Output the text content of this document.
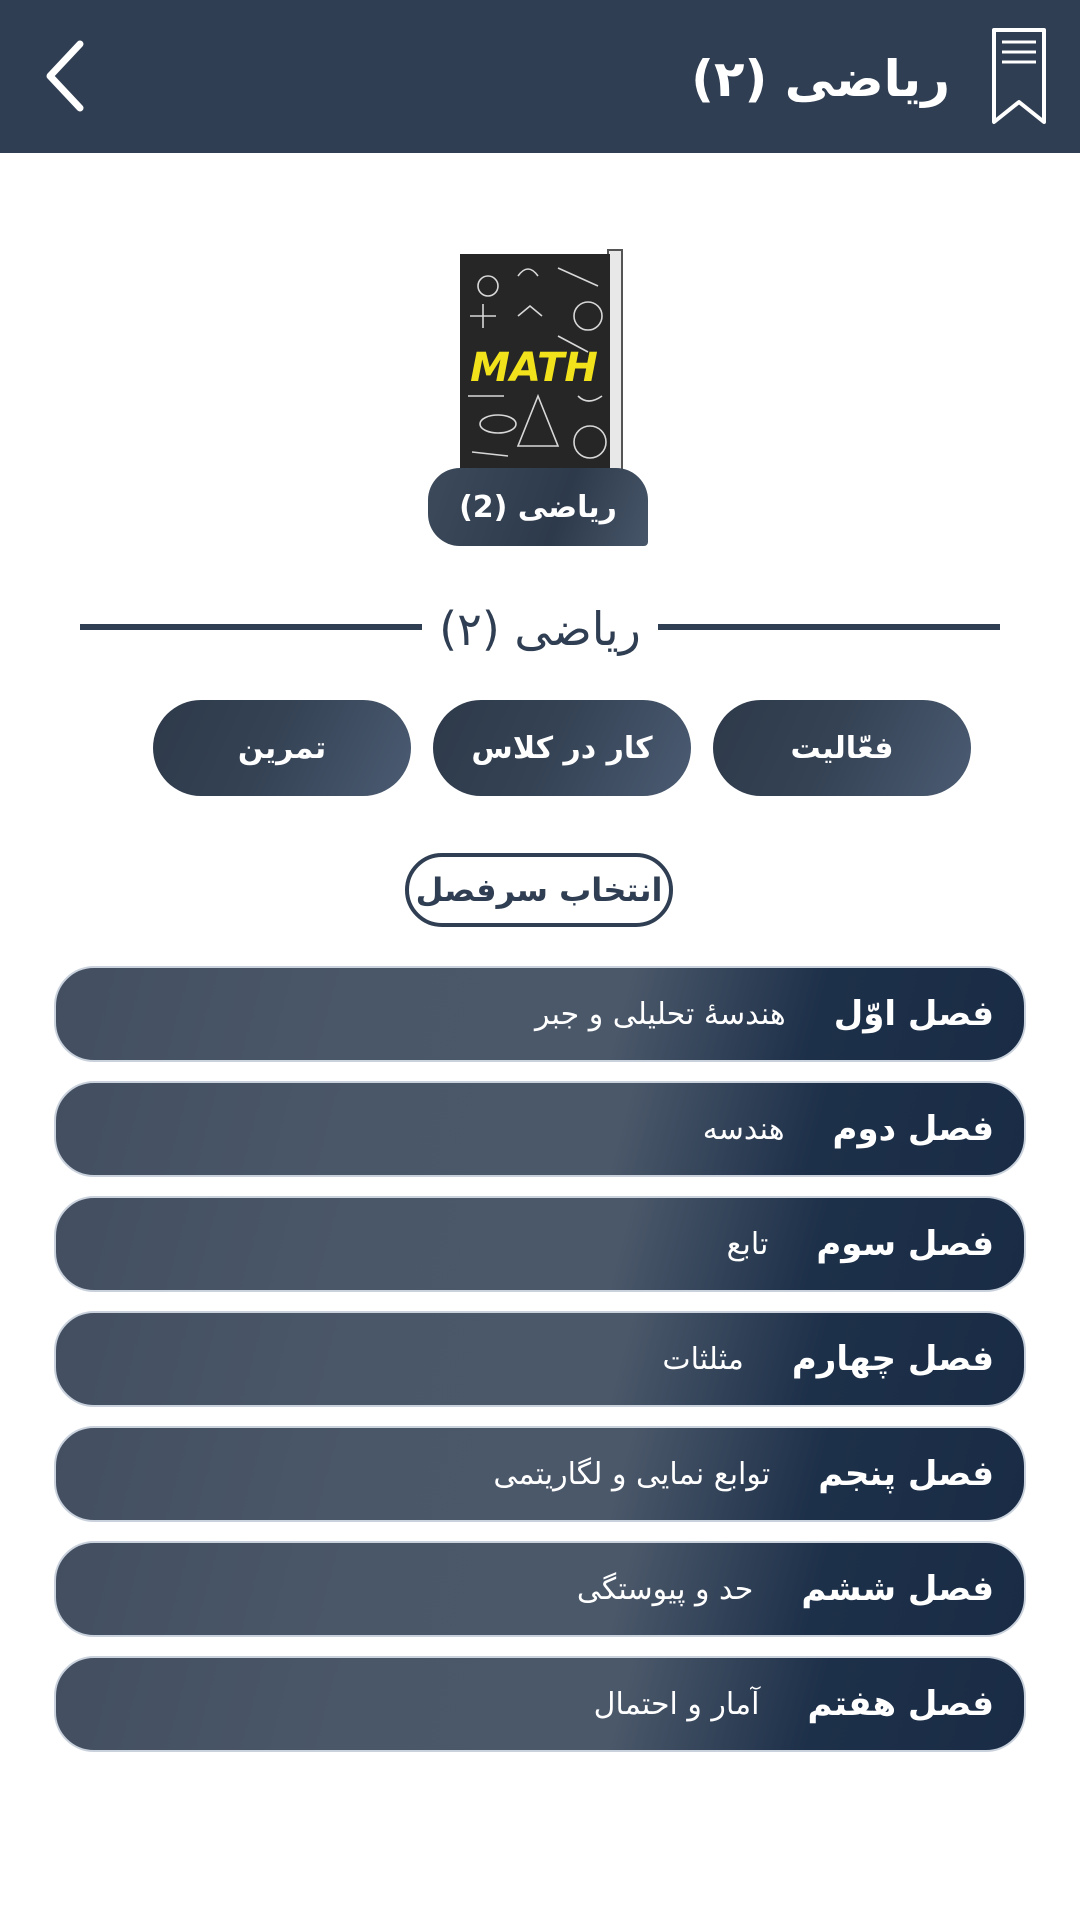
ریاضی (۲)
MATH
ریاضی (2)
ریاضی (۲)
فعّالیت
کار در کلاس
تمرین
انتخاب سرفصل
فصل اوّل
هندسهٔ تحلیلی و جبر
فصل دوم
هندسه
فصل سوم
تابع
فصل چهارم
مثلثات
فصل پنجم
توابع نمایی و لگاریتمی
فصل ششم
حد و پیوستگی
فصل هفتم
آمار و احتمال
